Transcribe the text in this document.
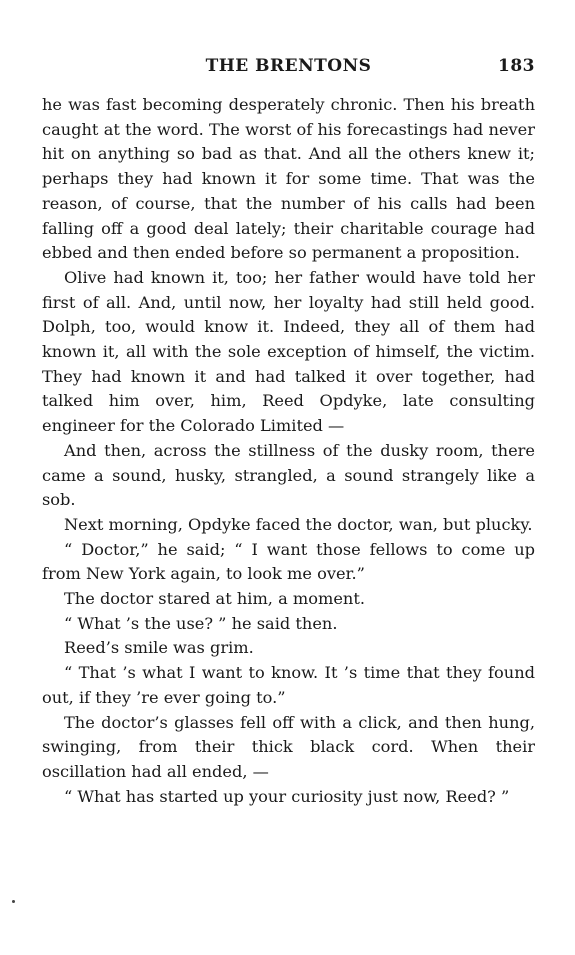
THE BRENTONS	183

he was fast becoming desperately chronic. Then his breath caught at the word. The worst of his forecastings had never hit on anything so bad as that. And all the others knew it; perhaps they had known it for some time. That was the reason, of course, that the number of his calls had been falling off a good deal lately; their charitable courage had ebbed and then ended before so permanent a proposition.

Olive had known it, too; her father would have told her first of all. And, until now, her loyalty had still held good. Dolph, too, would know it. Indeed, they all of them had known it, all with the sole exception of himself, the victim. They had known it and had talked it over together, had talked him over, him, Reed Opdyke, late consulting engineer for the Colorado Limited —

And then, across the stillness of the dusky room, there came a sound, husky, strangled, a sound strangely like a sob.

Next morning, Opdyke faced the doctor, wan, but plucky.

“ Doctor,” he said; “ I want those fellows to come up from New York again, to look me over.”

The doctor stared at him, a moment.

“ What ’s the use? ” he said then.

Reed’s smile was grim.

“ That ’s what I want to know. It ’s time that they found out, if they ’re ever going to.”

The doctor’s glasses fell off with a click, and then hung, swinging, from their thick black cord. When their oscillation had all ended, —

“ What has started up your curiosity just now, Reed? ”
